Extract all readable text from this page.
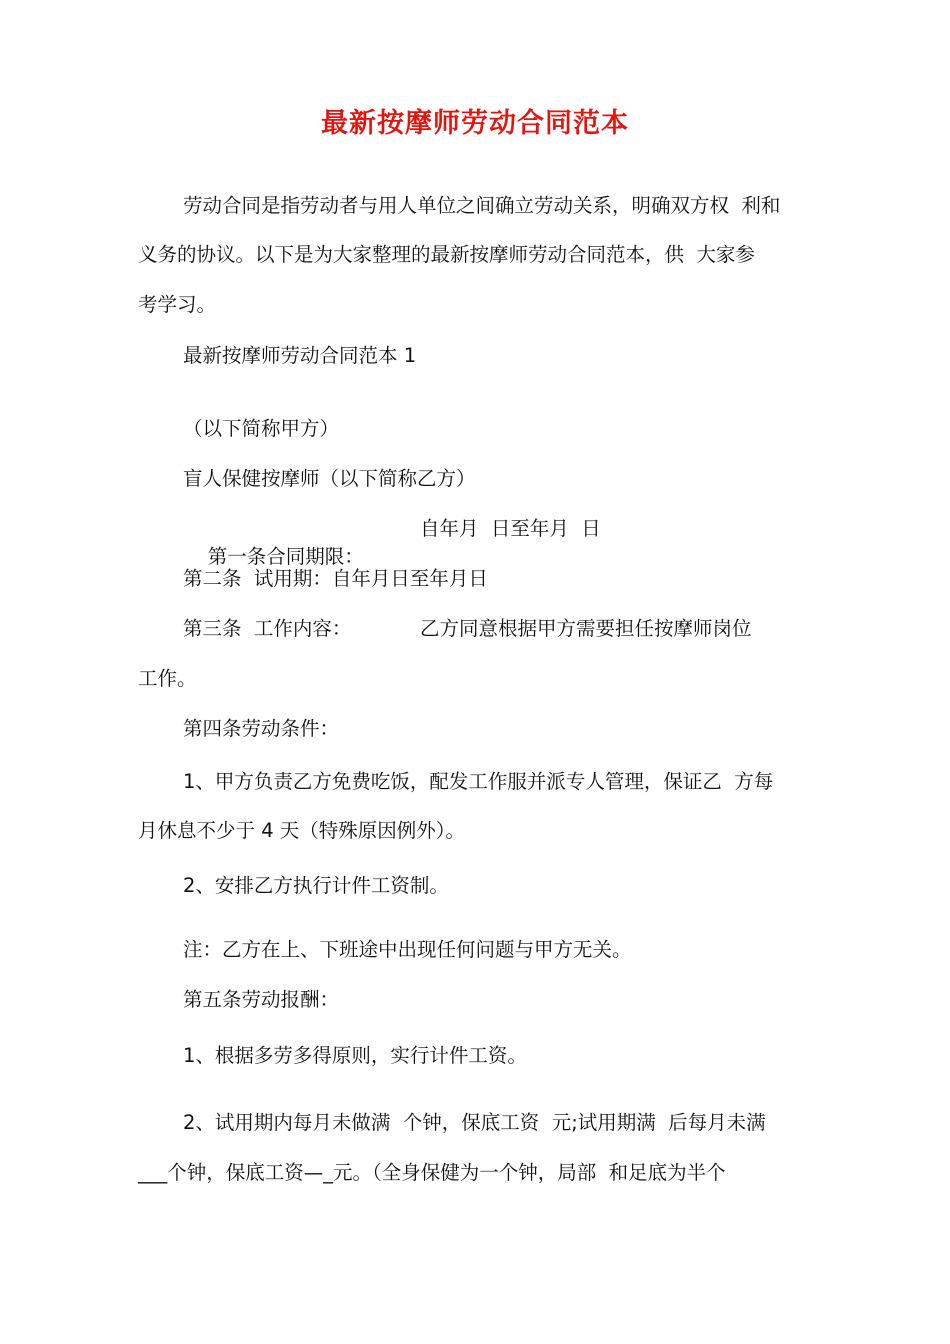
最新按摩师劳动合同范本
劳动合同是指劳动者与用人单位之间确立劳动关系，明确双方权  利和
义务的协议。以下是为大家整理的最新按摩师劳动合同范本，供  大家参
考学习。
最新按摩师劳动合同范本 1
（以下简称甲方）
盲人保健按摩师（以下简称乙方）

第一条合同期限：

自年月  日至年月  日
第二条  试用期：自年月日至年月日
第三条  工作内容：	乙方同意根据甲方需要担任按摩师岗位
工作。
第四条劳动条件：
1、甲方负责乙方免费吃饭，配发工作服并派专人管理，保证乙  方每
月休息不少于 4 天（特殊原因例外）。
2、安排乙方执行计件工资制。
注：乙方在上、下班途中出现任何问题与甲方无关。
第五条劳动报酬：
1、根据多劳多得原则，实行计件工资。
2、试用期内每月未做满  个钟，保底工资  元;试用期满  后每月未满
___个钟，保底工资—_元。（全身保健为一个钟，局部  和足底为半个
